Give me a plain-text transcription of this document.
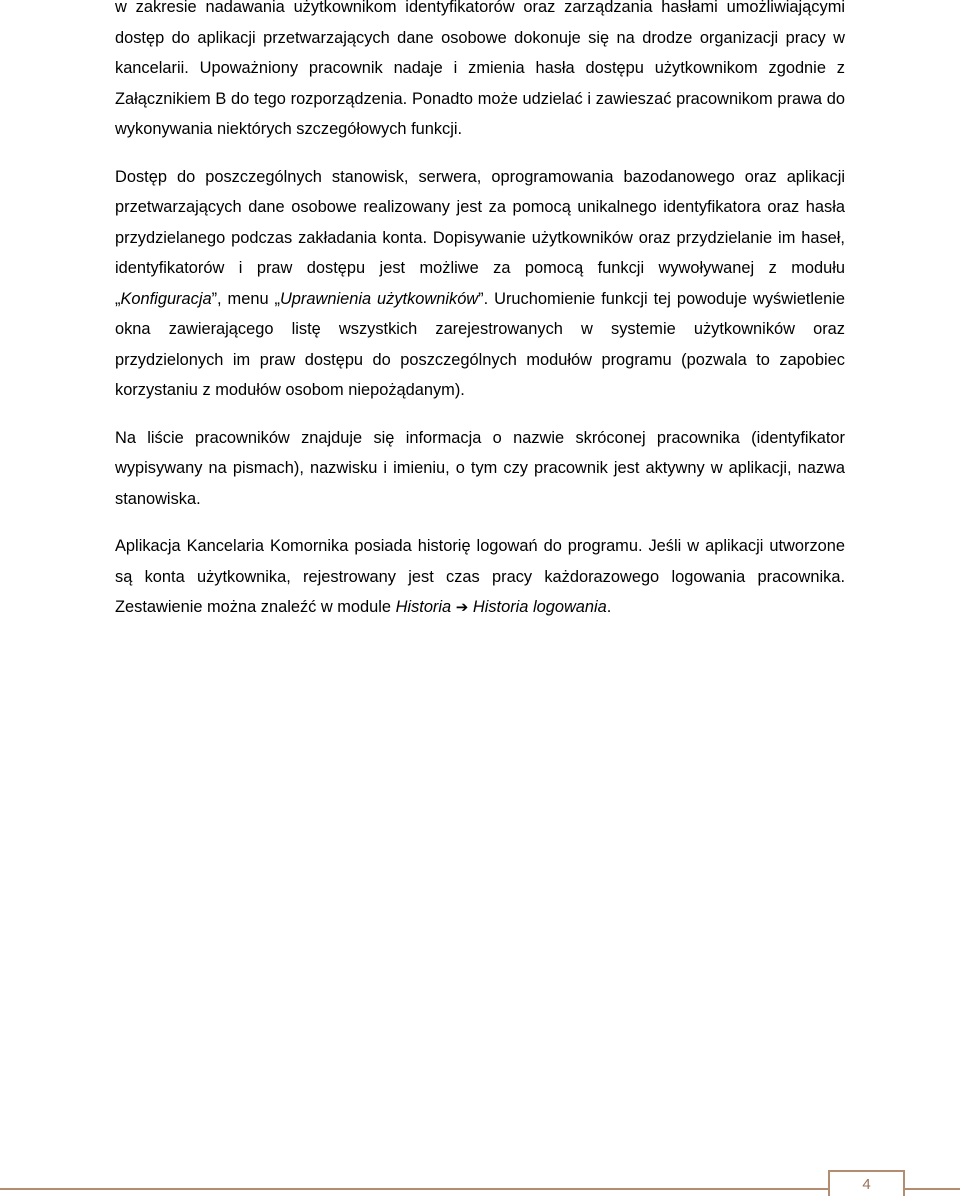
w zakresie nadawania użytkownikom identyfikatorów oraz zarządzania hasłami umożliwiającymi dostęp do aplikacji przetwarzających dane osobowe dokonuje się na drodze organizacji pracy w kancelarii. Upoważniony pracownik nadaje i zmienia hasła dostępu użytkownikom zgodnie z Załącznikiem B do tego rozporządzenia. Ponadto może udzielać i zawieszać pracownikom prawa do wykonywania niektórych szczegółowych funkcji.

Dostęp do poszczególnych stanowisk, serwera, oprogramowania bazodanowego oraz aplikacji przetwarzających dane osobowe realizowany jest za pomocą unikalnego identyfikatora oraz hasła przydzielanego podczas zakładania konta. Dopisywanie użytkowników oraz przydzielanie im haseł, identyfikatorów i praw dostępu jest możliwe za pomocą funkcji wywoływanej z modułu „Konfiguracja”, menu „Uprawnienia użytkowników”. Uruchomienie funkcji tej powoduje wyświetlenie okna zawierającego listę wszystkich zarejestrowanych w systemie użytkowników oraz przydzielonych im praw dostępu do poszczególnych modułów programu (pozwala to zapobiec korzystaniu z modułów osobom niepożądanym).

Na liście pracowników znajduje się informacja o nazwie skróconej pracownika (identyfikator wypisywany na pismach), nazwisku i imieniu, o tym czy pracownik jest aktywny w aplikacji, nazwa stanowiska.

Aplikacja Kancelaria Komornika posiada historię logowań do programu. Jeśli w aplikacji utworzone są konta użytkownika, rejestrowany jest czas pracy każdorazowego logowania pracownika. Zestawienie można znaleźć w module Historia ➔ Historia logowania.

4
